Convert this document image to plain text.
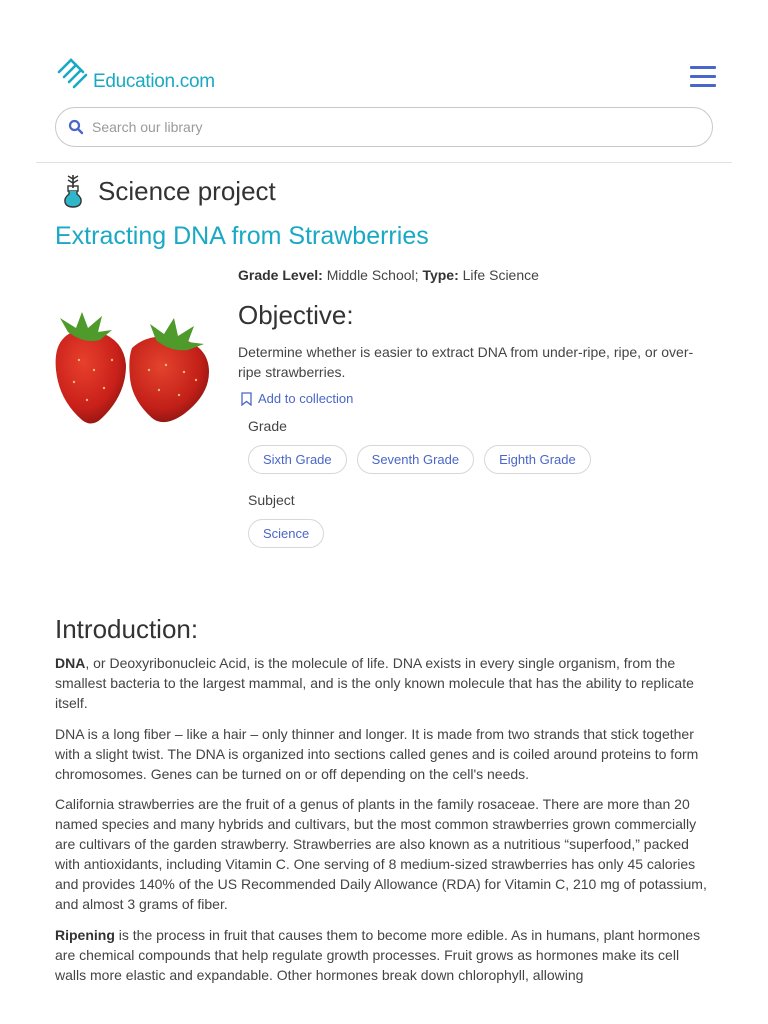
Education.com
Search our library
Science project
Extracting DNA from Strawberries
Grade Level: Middle School; Type: Life Science
Objective:

Determine whether is easier to extract DNA from under-ripe, ripe, or over-ripe strawberries.

Add to collection
Grade
Sixth Grade	Seventh Grade	Eighth Grade
Subject
Science
Introduction:

DNA, or Deoxyribonucleic Acid, is the molecule of life. DNA exists in every single organism, from the smallest bacteria to the largest mammal, and is the only known molecule that has the ability to replicate itself.

DNA is a long fiber – like a hair – only thinner and longer. It is made from two strands that stick together with a slight twist. The DNA is organized into sections called genes and is coiled around proteins to form chromosomes. Genes can be turned on or off depending on the cell's needs.

California strawberries are the fruit of a genus of plants in the family rosaceae. There are more than 20 named species and many hybrids and cultivars, but the most common strawberries grown commercially are cultivars of the garden strawberry. Strawberries are also known as a nutritious “superfood,” packed with antioxidants, including Vitamin C. One serving of 8 medium-sized strawberries has only 45 calories and provides 140% of the US Recommended Daily Allowance (RDA) for Vitamin C, 210 mg of potassium, and almost 3 grams of fiber.

Ripening is the process in fruit that causes them to become more edible. As in humans, plant hormones are chemical compounds that help regulate growth processes. Fruit grows as hormones make its cell walls more elastic and expandable. Other hormones break down chlorophyll, allowing
